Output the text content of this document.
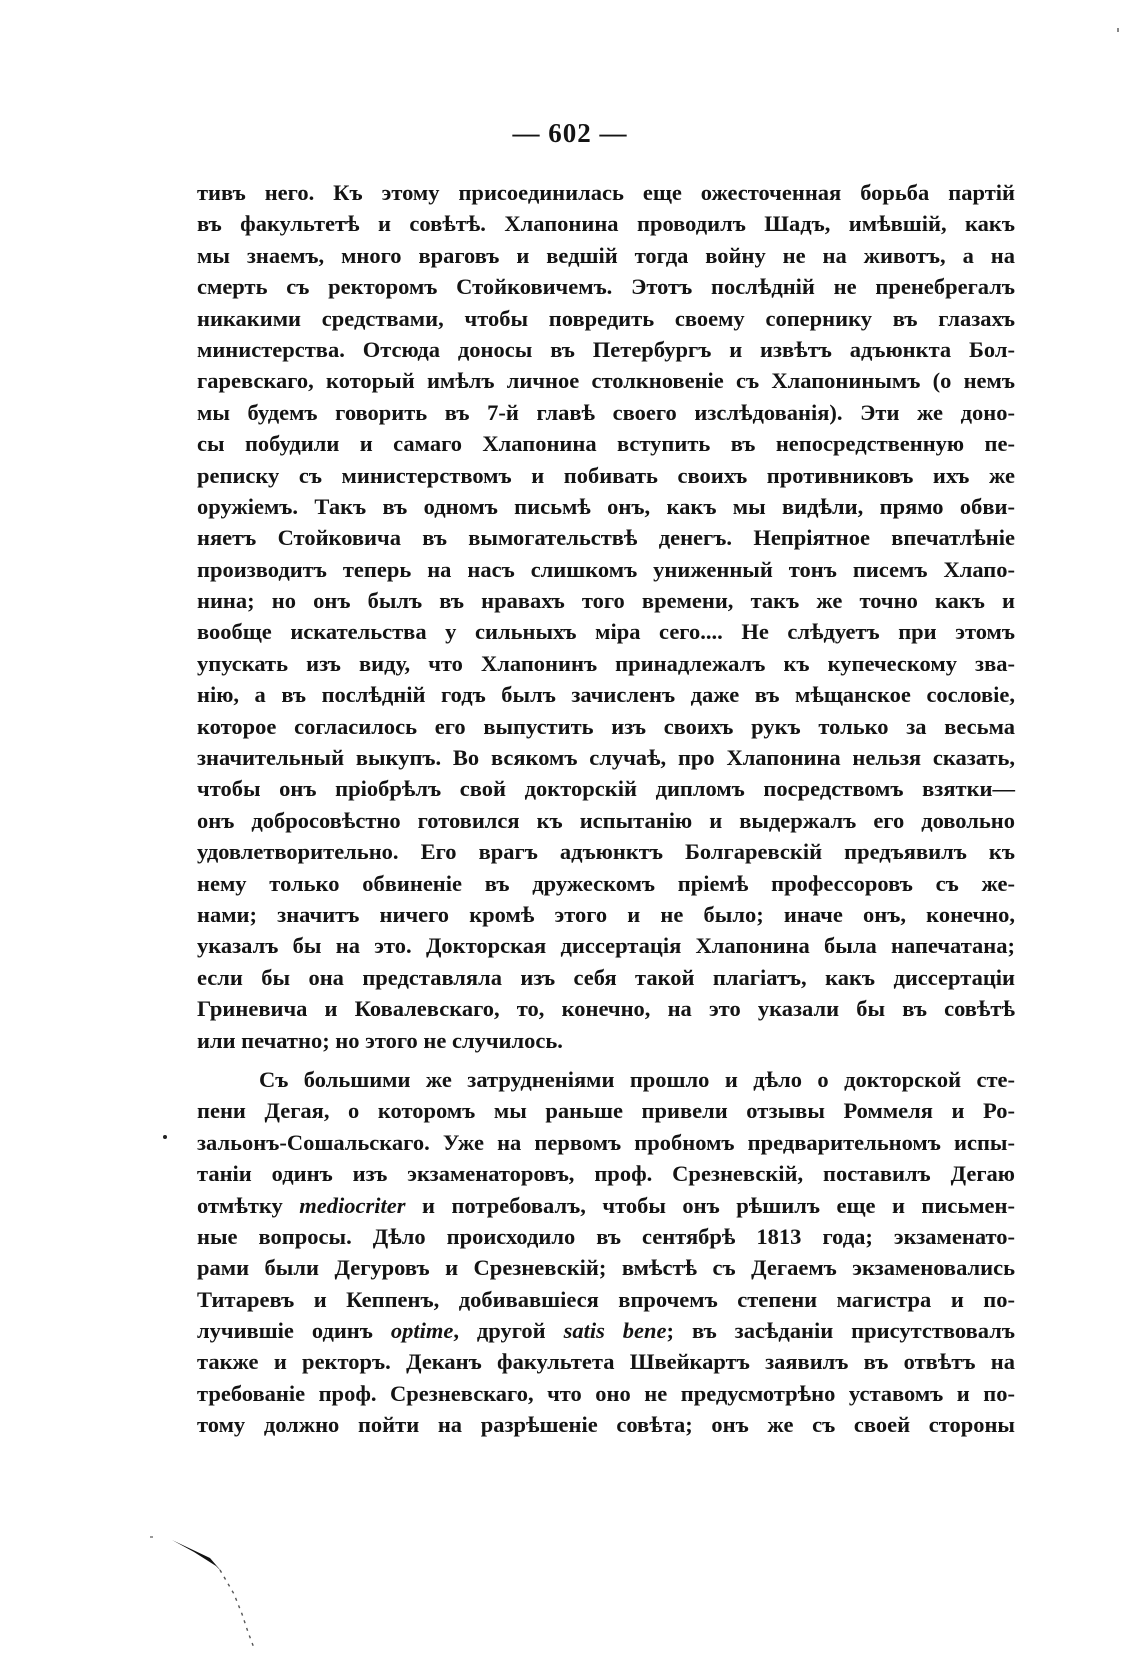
— 602 —
тивъ него. Къ этому присоединилась еще ожесточенная борьба партій
въ факультетѣ и совѣтѣ. Хлапонина проводилъ Шадъ, имѣвшій, какъ
мы знаемъ, много враговъ и ведшій тогда войну не на животъ, а на
смерть съ ректоромъ Стойковичемъ. Этотъ послѣдній не пренебрегалъ
никакими средствами, чтобы повредить своему сопернику въ глазахъ
министерства. Отсюда доносы въ Петербургъ и извѣтъ адъюнкта Бол-
гаревскаго, который имѣлъ личное столкновеніе съ Хлапонинымъ (о немъ
мы будемъ говорить въ 7-й главѣ своего изслѣдованія). Эти же доно-
сы побудили и самаго Хлапонина вступить въ непосредственную пе-
реписку съ министерствомъ и побивать своихъ противниковъ ихъ же
оружіемъ. Такъ въ одномъ письмѣ онъ, какъ мы видѣли, прямо обви-
няетъ Стойковича въ вымогательствѣ денегъ. Непріятное впечатлѣніе
производитъ теперь на насъ слишкомъ униженный тонъ писемъ Хлапо-
нина; но онъ былъ въ нравахъ того времени, такъ же точно какъ и
вообще искательства у сильныхъ міра сего.... Не слѣдуетъ при этомъ
упускать изъ виду, что Хлапонинъ принадлежалъ къ купеческому зва-
нію, а въ послѣдній годъ былъ зачисленъ даже въ мѣщанское сословіе,
которое согласилось его выпустить изъ своихъ рукъ только за весьма
значительный выкупъ. Во всякомъ случаѣ, про Хлапонина нельзя сказать,
чтобы онъ пріобрѣлъ свой докторскій дипломъ посредствомъ взятки—
онъ добросовѣстно готовился къ испытанію и выдержалъ его довольно
удовлетворительно. Его врагъ адъюнктъ Болгаревскій предъявилъ къ
нему только обвиненіе въ дружескомъ пріемѣ профессоровъ съ же-
нами; значитъ ничего кромѣ этого и не было; иначе онъ, конечно,
указалъ бы на это. Докторская диссертація Хлапонина была напечатана;
если бы она представляла изъ себя такой плагіатъ, какъ диссертаціи
Гриневича и Ковалевскаго, то, конечно, на это указали бы въ совѣтѣ
или печатно; но этого не случилось.
Съ большими же затрудненіями прошло и дѣло о докторской сте-
пени Дегая, о которомъ мы раньше привели отзывы Роммеля и Ро-
зальонъ-Сошальскаго. Уже на первомъ пробномъ предварительномъ испы-
таніи одинъ изъ экзаменаторовъ, проф. Срезневскій, поставилъ Дегаю
отмѣтку mediocriter и потребовалъ, чтобы онъ рѣшилъ еще и письмен-
ные вопросы. Дѣло происходило въ сентябрѣ 1813 года; экзаменато-
рами были Дегуровъ и Срезневскій; вмѣстѣ съ Дегаемъ экзаменовались
Титаревъ и Кеппенъ, добивавшіеся впрочемъ степени магистра и по-
лучившіе одинъ optime, другой satis bene; въ засѣданіи присутствовалъ
также и ректоръ. Деканъ факультета Швейкартъ заявилъ въ отвѣтъ на
требованіе проф. Срезневскаго, что оно не предусмотрѣно уставомъ и по-
тому должно пойти на разрѣшеніе совѣта; онъ же съ своей стороны
